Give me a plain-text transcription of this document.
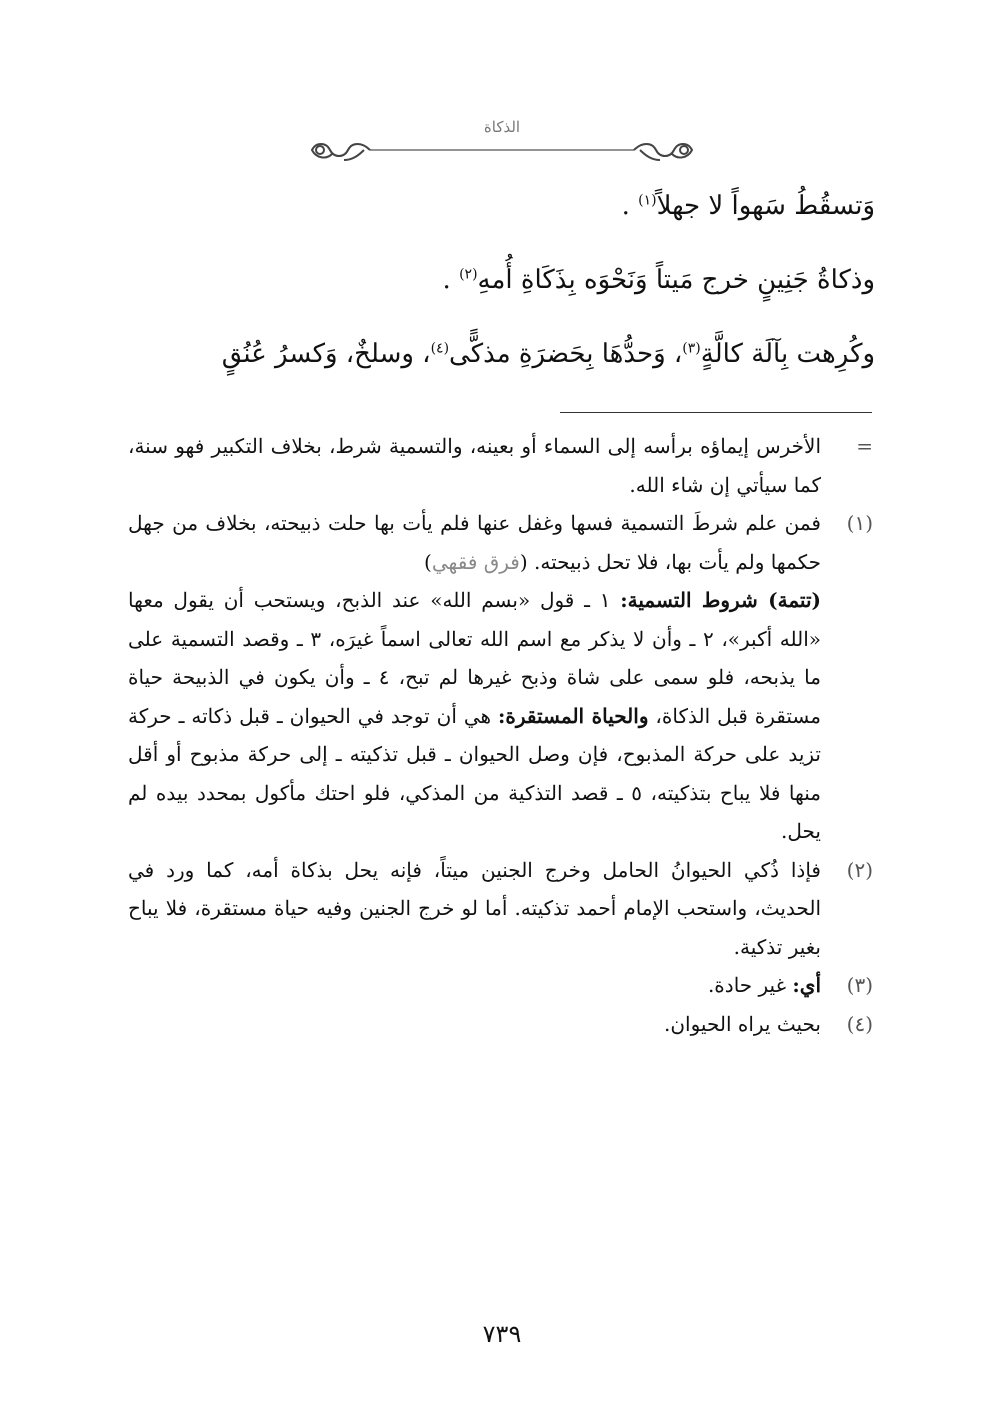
الذكاة

وَتسقُطُ سَهواً لا جهلاً$^{(١)}$ .

وذكاةُ جَنِينٍ خرج مَيتاً وَنَحْوَه بِذَكَاةِ أُمهِ$^{(٢)}$ .

وكُرِهت بِآلَة كالَّةٍ$^{(٣)}$، وَحدُّهَا بِحَضرَةِ مذكًّى$^{(٤)}$، وسلخٌ، وَكسرُ عُنُقٍ

=
الأخرس إيماؤه برأسه إلى السماء أو بعينه، والتسمية شرط، بخلاف التكبير فهو سنة، كما سيأتي إن شاء الله.
(١)
فمن علم شرطَ التسمية فسها وغفل عنها فلم يأت بها حلت ذبيحته، بخلاف من جهل حكمها ولم يأت بها، فلا تحل ذبيحته. (فرق فقهي)
(تتمة) شروط التسمية: ١ ـ قول «بسم الله» عند الذبح، ويستحب أن يقول معها «الله أكبر»، ٢ ـ وأن لا يذكر مع اسم الله تعالى اسماً غيرَه، ٣ ـ وقصد التسمية على ما يذبحه، فلو سمى على شاة وذبح غيرها لم تبح، ٤ ـ وأن يكون في الذبيحة حياة مستقرة قبل الذكاة، والحياة المستقرة: هي أن توجد في الحيوان ـ قبل ذكاته ـ حركة تزيد على حركة المذبوح، فإن وصل الحيوان ـ قبل تذكيته ـ إلى حركة مذبوح أو أقل منها فلا يباح بتذكيته، ٥ ـ قصد التذكية من المذكي، فلو احتك مأكول بمحدد بيده لم يحل.
(٢)
فإذا ذُكي الحيوانُ الحامل وخرج الجنين ميتاً، فإنه يحل بذكاة أمه، كما ورد في الحديث، واستحب الإمام أحمد تذكيته. أما لو خرج الجنين وفيه حياة مستقرة، فلا يباح بغير تذكية.
(٣)
أي: غير حادة.
(٤)
بحيث يراه الحيوان.
٧٣٩
